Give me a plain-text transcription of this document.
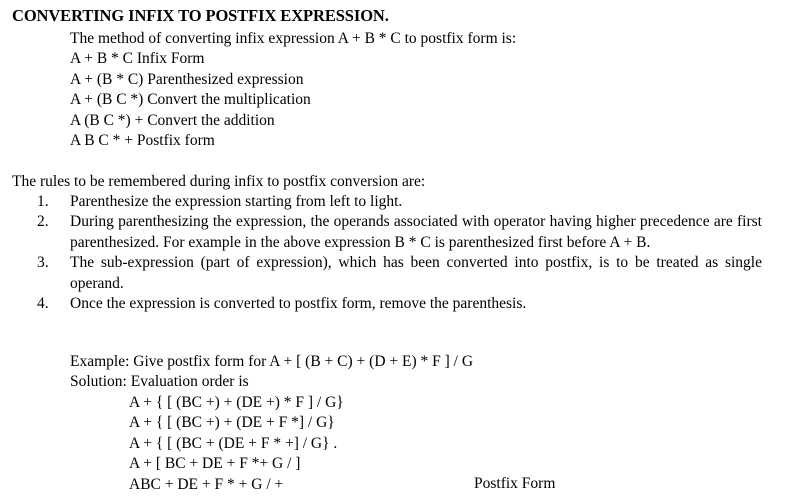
CONVERTING INFIX TO POSTFIX EXPRESSION.
The method of converting infix expression A + B * C to postfix form is:
A + B * C Infix Form
A + (B * C) Parenthesized expression
A + (B C *) Convert the multiplication
A (B C *) + Convert the addition
A B C * + Postfix form
The rules to be remembered during infix to postfix conversion are:
1.	Parenthesize the expression starting from left to light.
2.	During parenthesizing the expression, the operands associated with operator having higher precedence are first parenthesized. For example in the above expression B * C is parenthesized first before A + B.
3.	The sub-expression (part of expression), which has been converted into postfix, is to be treated as single operand.
4.	Once the expression is converted to postfix form, remove the parenthesis.
Example: Give postfix form for A + [ (B + C) + (D + E) * F ] / G
Solution: Evaluation order is
A + { [ (BC +) + (DE +) * F ] / G}
A + { [ (BC +) + (DE + F *] / G}
A + { [ (BC + (DE + F * +] / G} .
A + [ BC + DE + F *+ G / ]
ABC + DE + F * + G / +	Postfix Form
